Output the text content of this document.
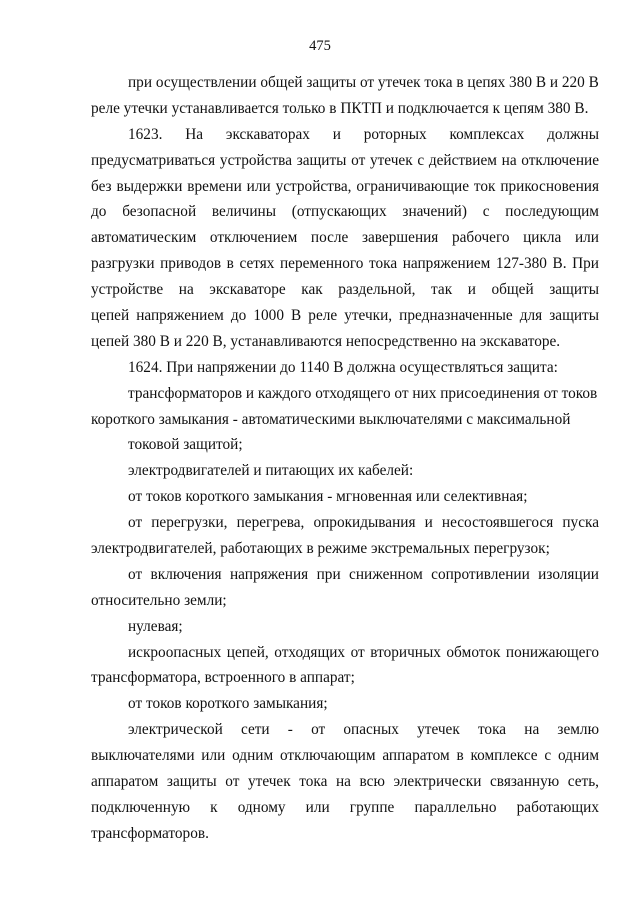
475
при осуществлении общей защиты от утечек тока в цепях 380 В и 220 В
реле утечки устанавливается только в ПКТП и подключается к цепям 380 В.
1623. На экскаваторах и роторных комплексах должны
предусматриваться устройства защиты от утечек с действием на отключение
без выдержки времени или устройства, ограничивающие ток прикосновения
до безопасной величины (отпускающих значений) с последующим
автоматическим отключением после завершения рабочего цикла или
разгрузки приводов в сетях переменного тока напряжением 127-380 В. При
устройстве на экскаваторе как раздельной, так и общей защиты
цепей напряжением до 1000 В реле утечки, предназначенные для защиты
цепей 380 В и 220 В, устанавливаются непосредственно на экскаваторе.
1624. При напряжении до 1140 В должна осуществляться защита:
трансформаторов и каждого отходящего от них присоединения от токов
короткого замыкания - автоматическими выключателями с максимальной
токовой защитой;
электродвигателей и питающих их кабелей:
от токов короткого замыкания - мгновенная или селективная;
от перегрузки, перегрева, опрокидывания и несостоявшегося пуска
электродвигателей, работающих в режиме экстремальных перегрузок;
от включения напряжения при сниженном сопротивлении изоляции
относительно земли;
нулевая;
искроопасных цепей, отходящих от вторичных обмоток понижающего
трансформатора, встроенного в аппарат;
от токов короткого замыкания;
электрической сети - от опасных утечек тока на землю
выключателями или одним отключающим аппаратом в комплексе с одним
аппаратом защиты от утечек тока на всю электрически связанную сеть,
подключенную к одному или группе параллельно работающих
трансформаторов.
